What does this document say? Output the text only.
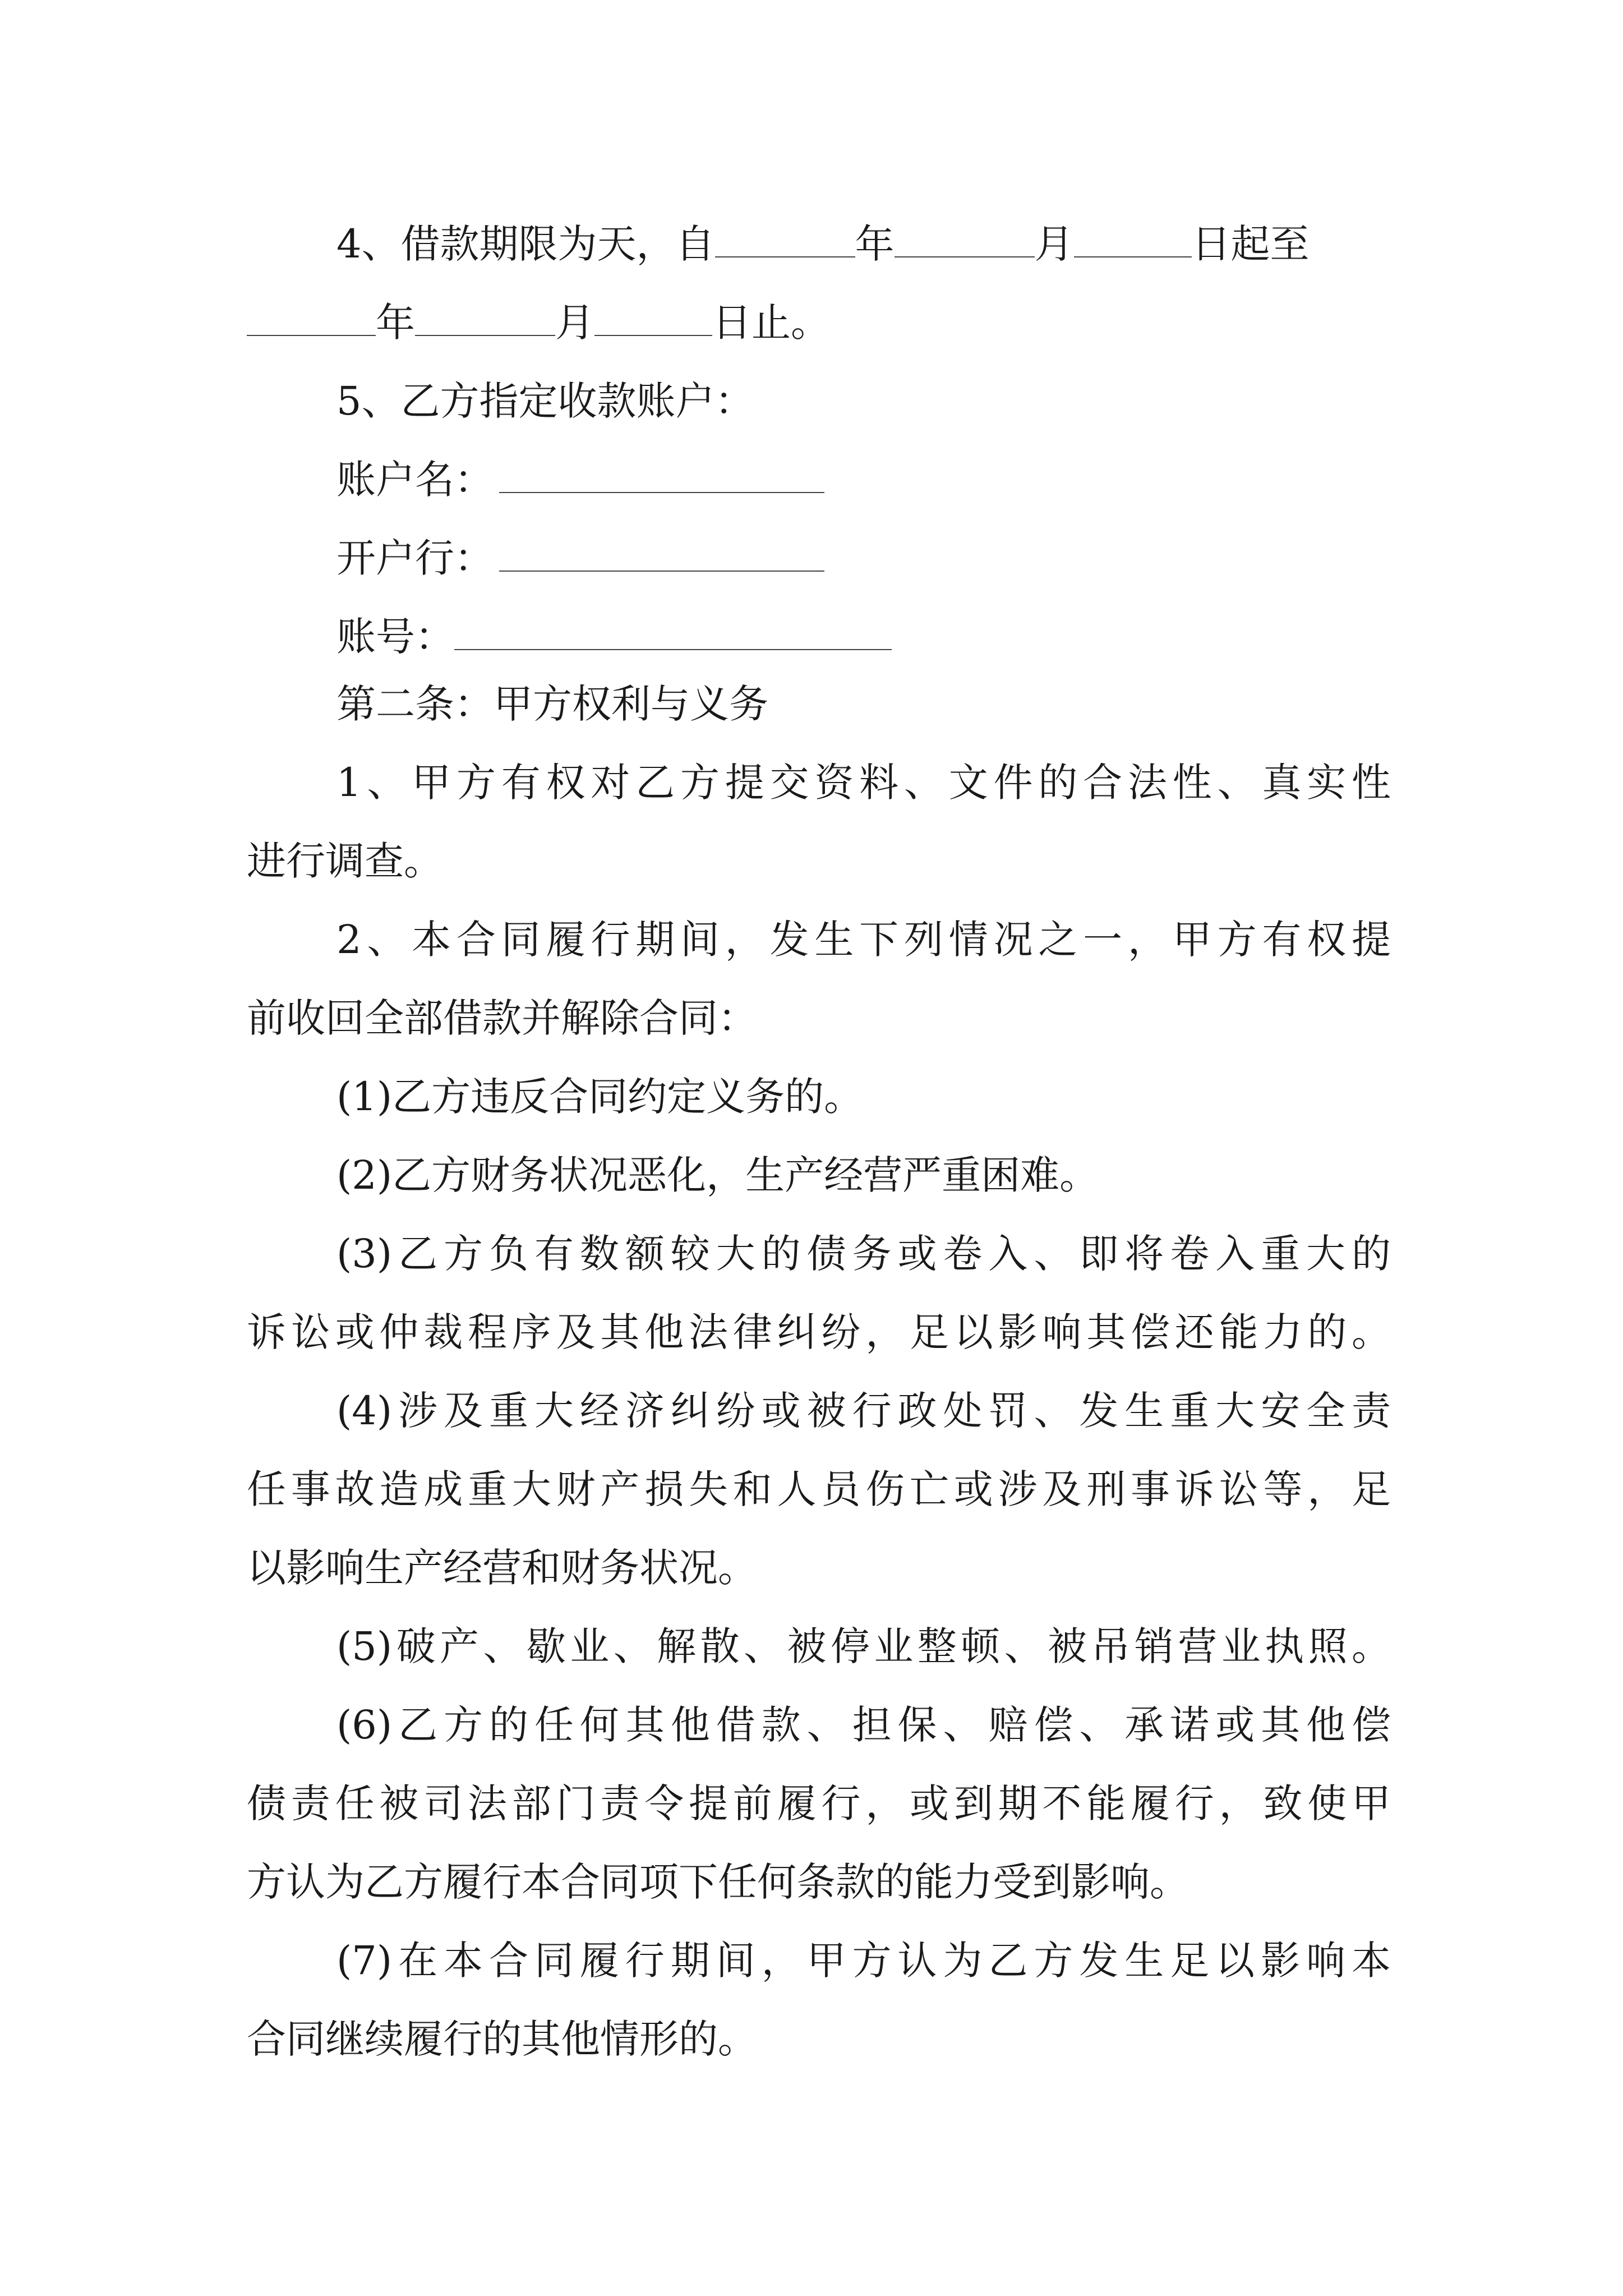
4、借款期限为天，自	年	月	日起至
年	月	日止。
5、乙方指定收款账户：
账户名：
开户行：
账号：
第二条：甲方权利与义务
1、甲方有权对乙方提交资料、文件的合法性、真实性
进行调查。
2、本合同履行期间，发生下列情况之一，甲方有权提
前收回全部借款并解除合同：
(1)乙方违反合同约定义务的。
(2)乙方财务状况恶化，生产经营严重困难。
(3)乙方负有数额较大的债务或卷入、即将卷入重大的
诉讼或仲裁程序及其他法律纠纷，足以影响其偿还能力的。
(4)涉及重大经济纠纷或被行政处罚、发生重大安全责
任事故造成重大财产损失和人员伤亡或涉及刑事诉讼等，足
以影响生产经营和财务状况。
(5)破产、歇业、解散、被停业整顿、被吊销营业执照。
(6)乙方的任何其他借款、担保、赔偿、承诺或其他偿
债责任被司法部门责令提前履行，或到期不能履行，致使甲
方认为乙方履行本合同项下任何条款的能力受到影响。
(7)在本合同履行期间，甲方认为乙方发生足以影响本
合同继续履行的其他情形的。
